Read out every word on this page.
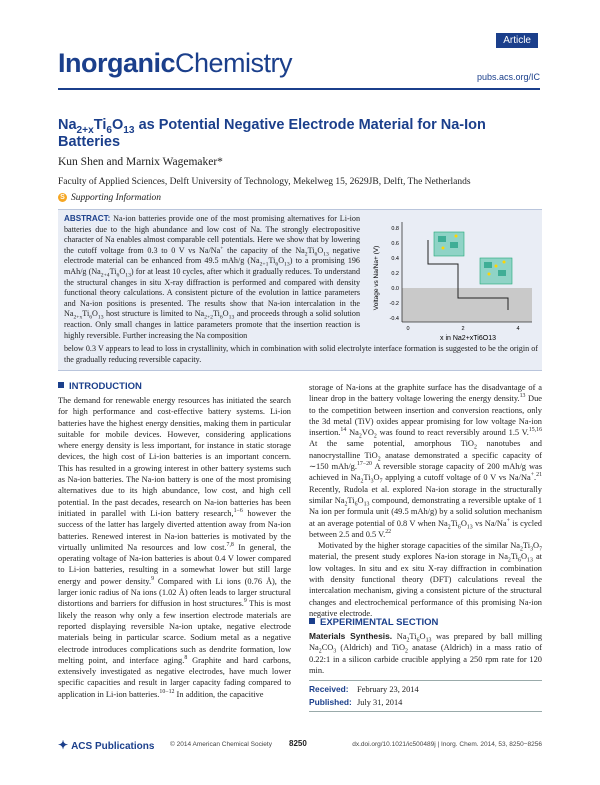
InorganicChemistry
Article
pubs.acs.org/IC
$Na_{2+x}Ti_6O_{13}$ as Potential Negative Electrode Material for Na-Ion Batteries
Kun Shen and Marnix Wagemaker*
Faculty of Applied Sciences, Delft University of Technology, Mekelweg 15, 2629JB, Delft, The Netherlands
S Supporting Information
ABSTRACT: Na-ion batteries provide one of the most promising alternatives for Li-ion batteries due to the high abundance and low cost of Na. The strongly electropositive character of Na enables almost comparable cell potentials. Here we show that by lowering the cutoff voltage from 0.3 to 0 V vs Na/Na+ the capacity of the $Na_2Ti_6O_{13}$ negative electrode material can be enhanced from 49.5 mAh/g $(Na_{2+1}Ti_6O_{13})$ to a promising 196 mAh/g $(Na_{2+4}Ti_6O_{13})$ for at least 10 cycles, after which it gradually reduces. To understand the structural changes in situ X-ray diffraction is performed and compared with density functional theory calculations. A consistent picture of the evolution in lattice parameters and Na-ion positions is presented. The results show that Na-ion intercalation in the $Na_{2+x}Ti_6O_{13}$ host structure is limited to $Na_{2+2}Ti_6O_{13}$ and proceeds through a solid solution reaction. Only small changes in lattice parameters promote that the insertion reaction is highly reversible. Further increasing the Na composition
below 0.3 V appears to lead to loss in crystallinity, which in combination with solid electrolyte interface formation is suggested to be the origin of the gradually reducing reversible capacity.
0.8
0.6
0.4
0.2
0.0
-0.2
-0.4
0	2	4
Voltage vs Na/Na+ (V)
x in Na2+xTi6O13
INTRODUCTION
The demand for renewable energy resources has initiated the search for high performance and cost-effective battery systems. Li-ion batteries have the highest energy densities, making them in particular suitable for mobile devices. However, considering applications where energy density is less important, for instance in static storage devices, the high cost of Li-ion batteries is an important concern. This has resulted in a growing interest in other battery systems such as Na-ion batteries. The Na-ion battery is one of the most promising alternatives due to its high abundance, low cost, and high cell potential. In the past decades, research on Na-ion batteries has been initiated in parallel with Li-ion battery research,$^{1-6}$ however the success of the latter has largely diverted attention away from Na-ion batteries. Renewed interest in Na-ion batteries is motivated by the virtually unlimited Na resources and low cost.$^{7,8}$ In general, the operating voltage of Na-ion batteries is about 0.4 V lower compared to Li-ion batteries, resulting in a somewhat lower but still large energy and power density.$^9$ Compared with Li ions (0.76 Å), the larger ionic radius of Na ions (1.02 Å) often leads to larger structural distortions and barriers for diffusion in host structures.$^9$ This is most likely the reason why only a few insertion electrode materials are reported displaying reversible Na-ion uptake, negative electrode materials being in particular scarce. Sodium metal as a negative electrode introduces complications such as dendrite formation, low melting point, and interface aging.$^8$ Graphite and hard carbons, extensively investigated as negative electrodes, have much lower specific capacities and result in larger capacity fading compared to application in Li-ion batteries.$^{10-12}$ In addition, the capacitive
storage of Na-ions at the graphite surface has the disadvantage of a linear drop in the battery voltage lowering the energy density.$^{13}$ Due to the competition between insertion and conversion reactions, only the 3d metal (TiV) oxides appear promising for low voltage Na-ion insertion.$^{14}$ $Na_2VO_2$ was found to react reversibly around 1.5 V.$^{15,16}$ At the same potential, amorphous TiO$_2$ nanotubes and nanocrystalline TiO$_2$ anatase demonstrated a specific capacity of ∼150 mAh/g.$^{17-20}$ A reversible storage capacity of 200 mAh/g was achieved in $Na_2Ti_3O_7$ applying a cutoff voltage of 0 V vs Na/Na+.$^{21}$ Recently, Rudola et al. explored Na-ion storage in the structurally similar $Na_2Ti_6O_{13}$ compound, demonstrating a reversible uptake of 1 Na ion per formula unit (49.5 mAh/g) by a solid solution mechanism at an average potential of 0.8 V when $Na_2Ti_6O_{13}$ vs Na/Na+ is cycled between 2.5 and 0.5 V.$^{22}$
Motivated by the higher storage capacities of the similar $Na_2Ti_3O_7$ material, the present study explores Na-ion storage in $Na_2Ti_6O_{13}$ at low voltages. In situ and ex situ X-ray diffraction in combination with density functional theory (DFT) calculations reveal the intercalation mechanism, giving a consistent picture of the structural changes and electrochemical performance of this promising Na-ion negative electrode.
EXPERIMENTAL SECTION
Materials Synthesis. $Na_2Ti_6O_{13}$ was prepared by ball milling $Na_2CO_3$ (Aldrich) and TiO$_2$ anatase (Aldrich) in a mass ratio of 0.22:1 in a silicon carbide crucible applying a 250 rpm rate for 120 min.
Received: February 23, 2014
Published: July 31, 2014
✦ ACS Publications © 2014 American Chemical Society 8250	dx.doi.org/10.1021/ic500489j | Inorg. Chem. 2014, 53, 8250−8256
